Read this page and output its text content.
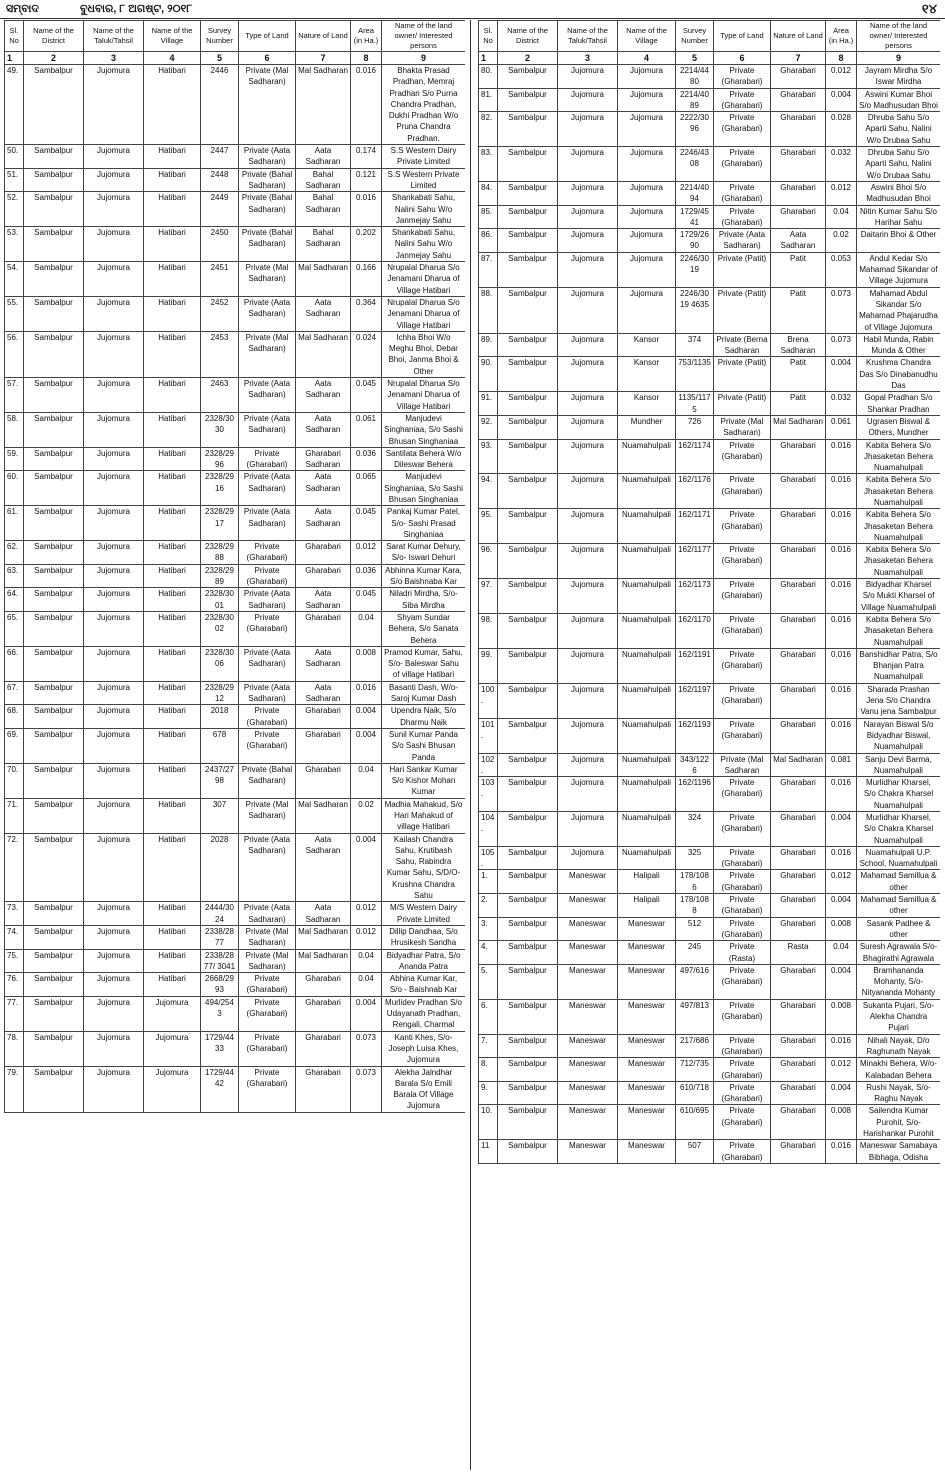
ସମ୍ବାଦ	ବୁଧବାର, ୮ ଅଗଷ୍ଟ, ୨୦୧୮	୧୪
Sl. No	Name of the District	Name of the Taluk/Tahsil	Name of the Village	Survey Number	Type of Land	Nature of Land	Area (in Ha.)	Name of the land owner/ Interested persons
1	2	3	4	5	6	7	8	9
49.	Sambalpur	Jujomura	Hatibari	2446	Private (Mal Sadharan)	Mal Sadharan	0.016	Bhakta Prasad Pradhan, Memraj Pradhan S/o Purna Chandra Pradhan, Dukhi Pradhan W/o Pruna Chandra Pradhan.
50.	Sambalpur	Jujomura	Hatibari	2447	Private (Aata Sadharan)	Aata Sadharan	0.174	S.S Western Dairy Private Limited
51.	Sambalpur	Jujomura	Hatibari	2448	Private (Bahal Sadharan)	Bahal Sadharan	0.121	S.S Western Private Limited
52.	Sambalpur	Jujomura	Hatibari	2449	Private (Bahal Sadharan)	Bahal Sadharan	0.016	Shankabati Sahu, Nalini Sahu W/o Janmejay Sahu
53.	Sambalpur	Jujomura	Hatibari	2450	Private (Bahal Sadharan)	Bahal Sadharan	0.202	Shankabati Sahu, Nalini Sahu W/o Janmejay Sahu
54.	Sambalpur	Jujomura	Hatibari	2451	Private (Mal Sadharan)	Mal Sadharan	0.166	Nrupalal Dharua S/o Jenamani Dharua of Village Hatibari
55.	Sambalpur	Jujomura	Hatibari	2452	Private (Aata Sadharan)	Aata Sadharan	0.364	Nrupalal Dharua S/o Jenamani Dharua of Village Hatibari
56.	Sambalpur	Jujomura	Hatibari	2453	Private (Mal Sadharan)	Mal Sadharan	0.024	Ichha Bhoi W/o Meghu Bhoi, Debar Bhoi, Janma Bhoi & Other
57.	Sambalpur	Jujomura	Hatibari	2463	Private (Aata Sadharan)	Aata Sadharan	0.045	Nrupalal Dharua S/o Jenamani Dharua of Village Hatibari
58.	Sambalpur	Jujomura	Hatibari	2328/3030	Private (Aata Sadharan)	Aata Sadharan	0.061	Manjudevi Singhaniaa, S/o Sashi Bhusan Singhaniaa
59.	Sambalpur	Jujomura	Hatibari	2328/2996	Private (Gharabari)	Gharabari Sadharan	0.036	Santilata Behera W/o Dileswar Behera
60.	Sambalpur	Jujomura	Hatibari	2328/2916	Private (Aata Sadharan)	Aata Sadharan	0.065	Manjudevi Singhaniaa, S/o Sashi Bhusan Singhaniaa
61.	Sambalpur	Jujomura	Hatibari	2328/2917	Private (Aata Sadharan)	Aata Sadharan	0.045	Pankaj Kumar Patel, S/o- Sashi Prasad Singhaniaa
62.	Sambalpur	Jujomura	Hatibari	2328/2988	Private (Gharabari)	Gharabari	0.012	Sarat Kumar Dehury, S/o- Iswari Dehuri
63.	Sambalpur	Jujomura	Hatibari	2328/2989	Private (Gharabari)	Gharabari	0.036	Abhinna Kumar Kara, S/o Baishnaba Kar
64.	Sambalpur	Jujomura	Hatibari	2328/3001	Private (Aata Sadharan)	Aata Sadharan	0.045	Niladri Mirdha, S/o- Siba Mirdha
65.	Sambalpur	Jujomura	Hatibari	2328/3002	Private (Gharabari)	Gharabari	0.04	Shyam Sundar Behera, S/o Sanata Behera
66.	Sambalpur	Jujomura	Hatibari	2328/3006	Private (Aata Sadharan)	Aata Sadharan	0.008	Pramod Kumar, Sahu, S/o- Baleswar Sahu of village Hatibari
67.	Sambalpur	Jujomura	Hatibari	2328/2912	Private (Aata Sadharan)	Aata Sadharan	0.016	Basanti Dash, W/o- Saroj Kumar Dash
68.	Sambalpur	Jujomura	Hatibari	2018	Private (Gharabari)	Gharabari	0.004	Upendra Naik, S/o Dharmu Naik
69.	Sambalpur	Jujomura	Hatibari	678	Private (Gharabari)	Gharabari	0.004	Sunil Kumar Panda S/o Sashi Bhusan Panda
70.	Sambalpur	Jujomura	Hatibari	2437/2798	Private (Bahal Sadharan)	Gharabari	0.04	Hari Sankar Kumar S/o Kishor Mohan Kumar
71.	Sambalpur	Jujomura	Hatibari	307	Private (Mal Sadharan)	Mal Sadharan	0.02	Madhia Mahakud, S/o Hari Mahakud of village Hatibari
72.	Sambalpur	Jujomura	Hatibari	2028	Private (Aata Sadharan)	Aata Sadharan	0.004	Kailash Chandra Sahu, Krutibash Sahu, Rabindra Kumar Sahu, S/D/O- Krushna Chandra Sahu
73.	Sambalpur	Jujomura	Hatibari	2444/3024	Private (Aata Sadharan)	Aata Sadharan	0.012	M/S Western Dairy Private Limited
74.	Sambalpur	Jujomura	Hatibari	2338/2877	Private (Mal Sadharan)	Mal Sadharan	0.012	Dillip Dandhaa, S/o Hrusikesh Sandha
75.	Sambalpur	Jujomura	Hatibari	2338/2877/ 3041	Private (Mal Sadharan)	Mal Sadharan	0.04	Bidyadhar Patra, S/o Ananda Patra
76.	Sambalpur	Jujomura	Hatibari	2668/2993	Private (Gharabari)	Gharabari	0.04	Abhina Kumar Kar, S/o - Baishnab Kar
77.	Sambalpur	Jujomura	Jujomura	494/2543	Private (Gharabari)	Gharabari	0.004	Murlidev Pradhan S/o Udayanath Pradhan, Rengali, Charmal
78.	Sambalpur	Jujomura	Jujomura	1729/4433	Private (Gharabari)	Gharabari	0.073	Kanti Khes, S/o- Joseph Luisa Khes, Jujomura
79.	Sambalpur	Jujomura	Jujomura	1729/4442	Private (Gharabari)	Gharabari	0.073	Alekha Jalndhar Barala S/o Emili Barala Of Village Jujomura
Sl. No	Name of the District	Name of the Taluk/Tahsil	Name of the Village	Survey Number	Type of Land	Nature of Land	Area (in Ha.)	Name of the land owner/ Interested persons
1	2	3	4	5	6	7	8	9
80.	Sambalpur	Jujomura	Jujomura	2214/4480	Private (Gharabari)	Gharabari	0.012	Jayram Mirdha S/o Iswar Mirdha
81.	Sambalpur	Jujomura	Jujomura	2214/4089	Private (Gharabari)	Gharabari	0.004	Aswini Kumar Bhoi S/o Madhusudan Bhoi
82.	Sambalpur	Jujomura	Jujomura	2222/3096	Private (Gharabari)	Gharabari	0.028	Dhruba Sahu S/o Aparti Sahu, Nalini W/o Drubaa Sahu
83.	Sambalpur	Jujomura	Jujomura	2246/4308	Private (Gharabari)	Gharabari	0.032	Dhruba Sahu S/o Aparti Sahu, Nalini W/o Drubaa Sahu
84.	Sambalpur	Jujomura	Jujomura	2214/4094	Private (Gharabari)	Gharabari	0.012	Aswini Bhoi S/o Madhusudan Bhoi
85.	Sambalpur	Jujomura	Jujomura	1729/4541	Private (Gharabari)	Gharabari	0.04	Nitin Kumar Sahu S/o Harihar Sahu
86.	Sambalpur	Jujomura	Jujomura	1729/2690	Private (Aata Sadharan)	Aata Sadharan	0.02	Daitarin Bhoi & Other
87.	Sambalpur	Jujomura	Jujomura	2246/3019	Private (Patit)	Patit	0.053	Andul Kedar S/o Mahamad Sikandar of Village Jujomura
88.	Sambalpur	Jujomura	Jujomura	2246/3019 4635	Private (Patit)	Patit	0.073	Mahamad Abdul Sikandar S/o Mahamad Phajarudha of Village Jujomura
89.	Sambalpur	Jujomura	Kansor	374	Private (Berna Sadharan	Brena Sadharan	0.073	Habil Munda, Rabin Munda & Other
90.	Sambalpur	Jujomura	Kansor	753/1135	Private (Patit)	Patit	0.004	Krushma Chandra Das S/o Dinabanudhu Das
91.	Sambalpur	Jujomura	Kansor	1135/1175	Private (Patit)	Patit	0.032	Gopal Pradhan S/o Shankar Pradhan
92.	Sambalpur	Jujomura	Mundher	726	Private (Mal Sadharan)	Mal Sadharan	0.061	Ugrasen Biswal & Others, Mundher
93.	Sambalpur	Jujomura	Nuamahulpali	162/1174	Private (Gharabari)	Gharabari	0.016	Kabita Behera S/o Jhasaketan Behera Nuamahulpali
94.	Sambalpur	Jujomura	Nuamahulpali	162/1176	Private (Gharabari)	Gharabari	0.016	Kabita Behera S/o Jhasaketan Behera Nuamahulpali
95.	Sambalpur	Jujomura	Nuamahulpali	162/1171	Private (Gharabari)	Gharabari	0.016	Kabita Behera S/o Jhasaketan Behera Nuamahulpali
96.	Sambalpur	Jujomura	Nuamahulpali	162/1177	Private (Gharabari)	Gharabari	0.016	Kabita Behera S/o Jhasaketan Behera Nuamahulpali
97.	Sambalpur	Jujomura	Nuamahulpali	162/1173	Private (Gharabari)	Gharabari	0.016	Bidyadhar Kharsel S/o Mukti Kharsel of Village Nuamahulpali
98.	Sambalpur	Jujomura	Nuamahulpali	162/1170	Private (Gharabari)	Gharabari	0.016	Kabita Behera S/o Jhasaketan Behera Nuamahulpali
99.	Sambalpur	Jujomura	Nuamahulpali	162/1191	Private (Gharabari)	Gharabari	0.016	Banshidhar Patra, S/o Bhanjan Patra Nuamahulpali
100.	Sambalpur	Jujomura	Nuamahulpali	162/1197	Private (Gharabari)	Gharabari	0.016	Sharada Prashan Jena S/o Chandra Vanu jena Sambalpur
101.	Sambalpur	Jujomura	Nuamahulpali	162/1193	Private (Gharabari)	Gharabari	0.016	Narayan Biswal S/o Bidyadhar Biswal, Nuamahulpali
102.	Sambalpur	Jujomura	Nuamahulpali	343/1226	Private (Mal Sadharan	Mal Sadharan	0.081	Sanju Devi Barma, Nuamahulpali
103.	Sambalpur	Jujomura	Nuamahulpali	162/1196	Private (Gharabari)	Gharabari	0.016	Murlidhar Kharsel, S/o Chakra Kharsel Nuamahulpali
104.	Sambalpur	Jujomura	Nuamahulpali	324	Private (Gharabari)	Gharabari	0.004	Murlidhar Kharsel, S/o Chakra Kharsel Nuamahulpali
105.	Sambalpur	Jujomura	Nuamahulpali	325	Private (Gharabari)	Gharabari	0.016	Nuamahulpali U.P. School, Nuamahulpali
1.	Sambalpur	Maneswar	Halipali	178/1086	Private (Gharabari)	Gharabari	0.012	Mahamad Samillua & other
2.	Sambalpur	Maneswar	Halipali	178/1088	Private (Gharabari)	Gharabari	0.004	Mahamad Samillua & other
3.	Sambalpur	Maneswar	Maneswar	512	Private (Gharabari)	Gharabari	0.008	Sasank Padhee & other
4.	Sambalpur	Maneswar	Maneswar	245	Private (Rasta)	Rasta	0.04	Suresh Agrawala S/o- Bhagirathi Agrawala
5.	Sambalpur	Maneswar	Maneswar	497/616	Private (Gharabari)	Gharabari	0.004	Bramhananda Mohanty, S/o- Nityananda Mohanty
6.	Sambalpur	Maneswar	Maneswar	497/813	Private (Gharabari)	Gharabari	0.008	Sukanta Pujari, S/o- Alekha Chandra Pujari
7.	Sambalpur	Maneswar	Maneswar	217/686	Private (Gharabari)	Gharabari	0.016	Nihali Nayak, D/o Raghunath Nayak
8.	Sambalpur	Maneswar	Maneswar	712/735	Private (Gharabari)	Gharabari	0.012	Minakhi Behera, W/o- Kalabadan Behera
9.	Sambalpur	Maneswar	Maneswar	610/718	Private (Gharabari)	Gharabari	0.004	Rushi Nayak, S/o- Raghu Nayak
10.	Sambalpur	Maneswar	Maneswar	610/695	Private (Gharabari)	Gharabari	0.008	Sailendra Kumar Purohit, S/o- Harishankar Purohit
11	Sambalpur	Maneswar	Maneswar	507	Private (Gharabari)	Gharabari	0.016	Maneswar Samabaya Bibhaga, Odisha
